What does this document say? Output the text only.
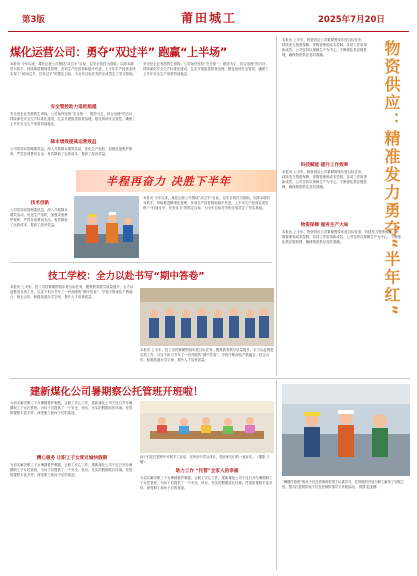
第3版	莆田城工	2025年7月20日
煤化运营公司：勇夺“双过半” 跑赢“上半场”
本报讯 今年以来，煤化运营公司围绕“双过半”目标，以安全管控为基础，以降本增效为抓手，持续推进精细化管理，各项生产经营指标稳中有进，上半年生产经营业绩实现了“时间过半、任务过半”的既定目标，为全年目标任务的完成奠定了坚实基础。
安全管控助力追赶超越
安全是企业发展的生命线。公司始终坚持“安全第一、预防为主、综合治理”的方针，持续深化安全生产标准化建设，扎实开展隐患排查治理，强化现场安全管控，确保了上半年安全生产形势持续稳定。
降本增效提高运营效益
公司坚持向管理要效益，深入开展降本增效活动，优化生产组织，加强设备维护保养，严控各项费用支出，有效降低了运营成本，提高了经济效益。
安全是企业发展的生命线。公司始终坚持“安全第一、预防为主、综合治理”的方针，持续深化安全生产标准化建设，扎实开展隐患排查治理，强化现场安全管控，确保了上半年安全生产形势持续稳定。
半程再奋力 决胜下半年
技术创新
公司坚持向管理要效益，深入开展降本增效活动，优化生产组织，加强设备维护保养，严控各项费用支出，有效降低了运营成本，提高了经济效益。
本报讯 今年以来，煤化运营公司围绕“双过半”目标，以安全管控为基础，以降本增效为抓手，持续推进精细化管理，各项生产经营指标稳中有进，上半年生产经营业绩实现了“时间过半、任务过半”的既定目标，为全年目标任务的完成奠定了坚实基础。
技工学校：全力以赴书写“期中答卷”
本报讯 上半年，技工学校紧紧围绕年度目标任务，聚焦教育教学质量提升，全力以赴推进各项工作，以实干担当书写了一份亮眼的“期中答卷”。学校不断深化产教融合、校企合作，积极拓展办学空间，提升人才培养质量。
本报讯 上半年，技工学校紧紧围绕年度目标任务，聚焦教育教学质量提升，全力以赴推进各项工作，以实干担当书写了一份亮眼的“期中答卷”。学校不断深化产教融合、校企合作，积极拓展办学空间，提升人才培养质量。
本报讯 上半年，物资供应公司紧紧围绕年度目标任务，持续发力物资保障、采购管理和成本控制，各项工作取得新成效。公司坚持以保障生产为中心，不断强化供应链管理，确保物资供应及时准确。	物资供应：精准发力勇夺“半年红”
科技赋能 提升工作效率
本报讯 上半年，物资供应公司紧紧围绕年度目标任务，持续发力物资保障、采购管理和成本控制，各项工作取得新成效。公司坚持以保障生产为中心，不断强化供应链管理，确保物资供应及时准确。
物资保障 服务生产大局
本报讯 上半年，物资供应公司紧紧围绕年度目标任务，持续发力物资保障、采购管理和成本控制，各项工作取得新成效。公司坚持以保障生产为中心，不断强化供应链管理，确保物资供应及时准确。
建新煤化公司暑期察公托管班开班啦！
为切实解决职工子女暑期看护难题，让职工安心工作，建新煤化公司于近日开办暑期职工子女托管班，为孩子们提供了一个安全、快乐、充实的假期成长环境。托管班课程丰富多样，深受职工和孩子们的欢迎。
精心服务 让职工子女度过愉快假期
为切实解决职工子女暑期看护难题，让职工安心工作，建新煤化公司于近日开办暑期职工子女托管班，为孩子们提供了一个安全、快乐、充实的假期成长环境。托管班课程丰富多样，深受职工和孩子们的欢迎。
孩子们在托管班中开展手工活动，在快乐中学习成长，受到家长们的一致好评。（摄影 王敏）
助力工作 “托管”全家人的幸福
为切实解决职工子女暑期看护难题，让职工安心工作，建新煤化公司于近日开办暑期职工子女托管班，为孩子们提供了一个安全、快乐、充实的假期成长环境。托管班课程丰富多样，深受职工和孩子们的欢迎。
“暑期托管班”的孩子们在老师的带领下认真学习，托管班的开设为职工解决了后顾之忧。图为托管班的孩子们在老师的指导下开展活动。 供图 赵亚楠
